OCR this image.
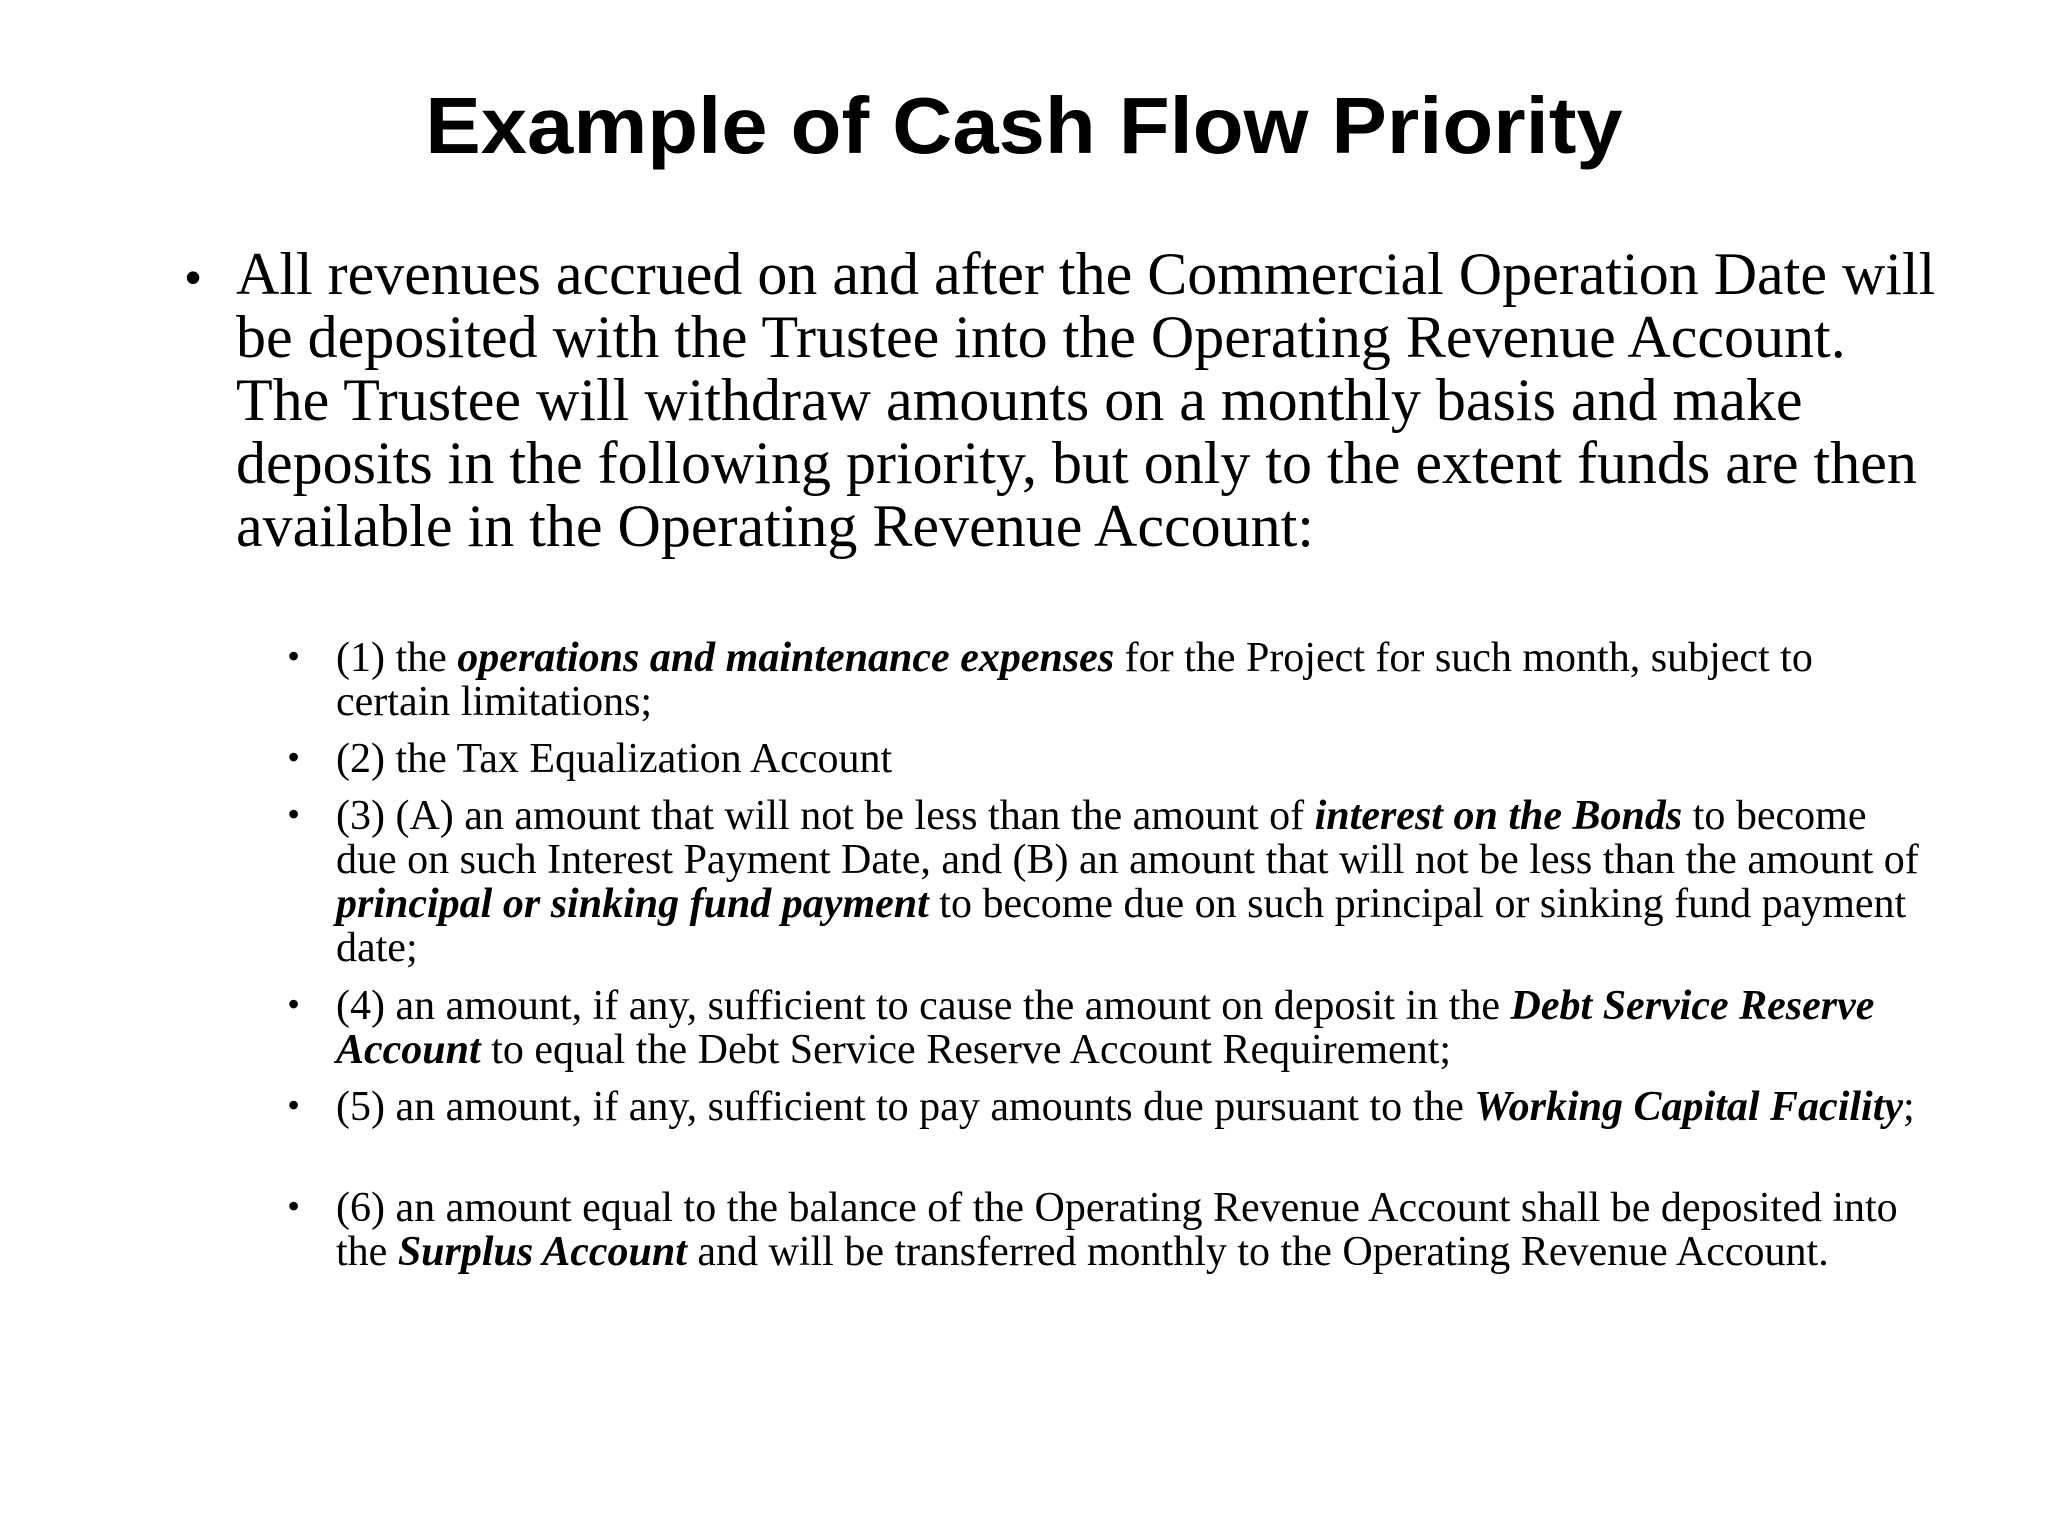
Example of Cash Flow Priority
• All revenues accrued on and after the Commercial Operation Date will be deposited with the Trustee into the Operating Revenue Account. The Trustee will withdraw amounts on a monthly basis and make deposits in the following priority, but only to the extent funds are then available in the Operating Revenue Account:
• (1) the operations and maintenance expenses for the Project for such month, subject to certain limitations;
• (2) the Tax Equalization Account
• (3) (A) an amount that will not be less than the amount of interest on the Bonds to become due on such Interest Payment Date, and (B) an amount that will not be less than the amount of principal or sinking fund payment to become due on such principal or sinking fund payment date;
• (4) an amount, if any, sufficient to cause the amount on deposit in the Debt Service Reserve Account to equal the Debt Service Reserve Account Requirement;
• (5) an amount, if any, sufficient to pay amounts due pursuant to the Working Capital Facility;
• (6) an amount equal to the balance of the Operating Revenue Account shall be deposited into the Surplus Account and will be transferred monthly to the Operating Revenue Account.
